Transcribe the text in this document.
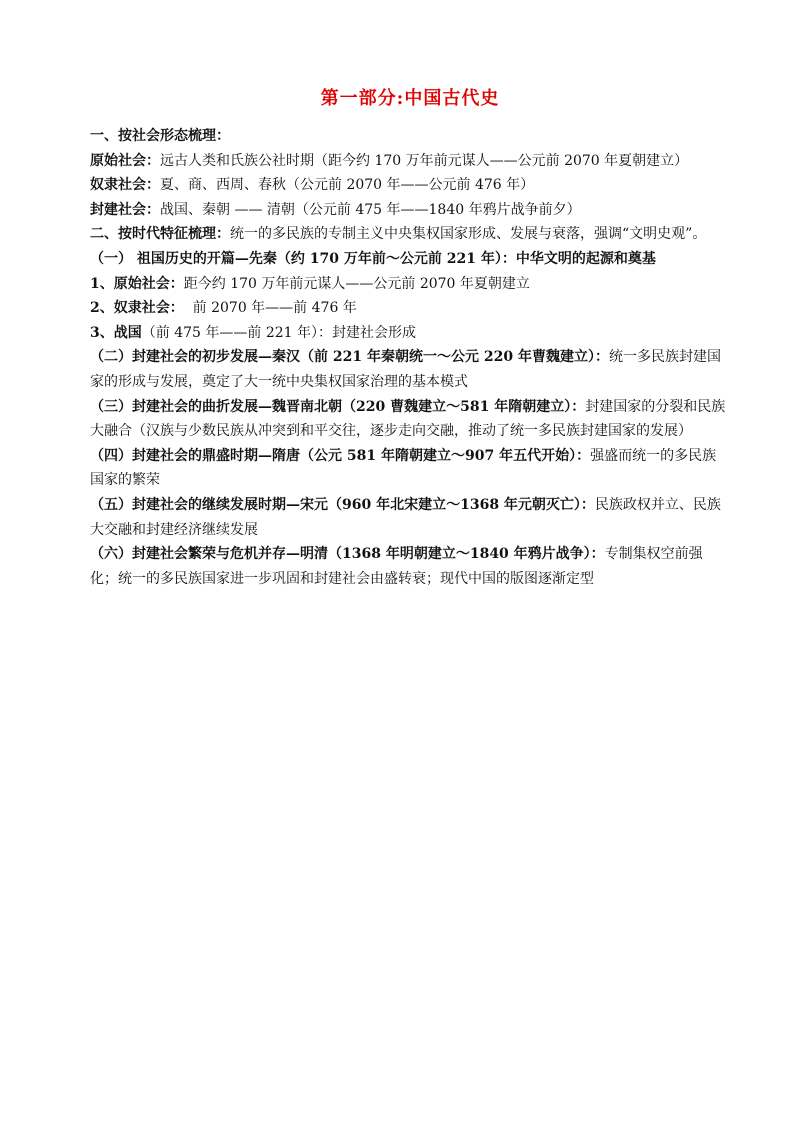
第一部分:中国古代史

一、按社会形态梳理：

原始社会：远古人类和氏族公社时期（距今约 170 万年前元谋人——公元前 2070 年夏朝建立）

奴隶社会：夏、商、西周、春秋（公元前 2070 年——公元前 476 年）

封建社会：战国、秦朝 —— 清朝（公元前 475 年——1840 年鸦片战争前夕）

二、按时代特征梳理：统一的多民族的专制主义中央集权国家形成、发展与衰落，强调“文明史观”。

（一） 祖国历史的开篇—先秦（约 170 万年前～公元前 221 年）：中华文明的起源和奠基

1、原始社会：距今约 170 万年前元谋人——公元前 2070 年夏朝建立

2、奴隶社会：  前 2070 年——前 476 年

3、战国（前 475 年——前 221 年）：封建社会形成

（二）封建社会的初步发展—秦汉（前 221 年秦朝统一～公元 220 年曹魏建立）：统一多民族封建国家的形成与发展，奠定了大一统中央集权国家治理的基本模式

（三）封建社会的曲折发展—魏晋南北朝（220 曹魏建立～581 年隋朝建立）：封建国家的分裂和民族大融合（汉族与少数民族从冲突到和平交往，逐步走向交融，推动了统一多民族封建国家的发展）

（四）封建社会的鼎盛时期—隋唐（公元 581 年隋朝建立～907 年五代开始）：强盛而统一的多民族国家的繁荣

（五）封建社会的继续发展时期—宋元（960 年北宋建立～1368 年元朝灭亡）：民族政权并立、民族大交融和封建经济继续发展

（六）封建社会繁荣与危机并存—明清（1368 年明朝建立～1840 年鸦片战争）：专制集权空前强化；统一的多民族国家进一步巩固和封建社会由盛转衰；现代中国的版图逐渐定型
